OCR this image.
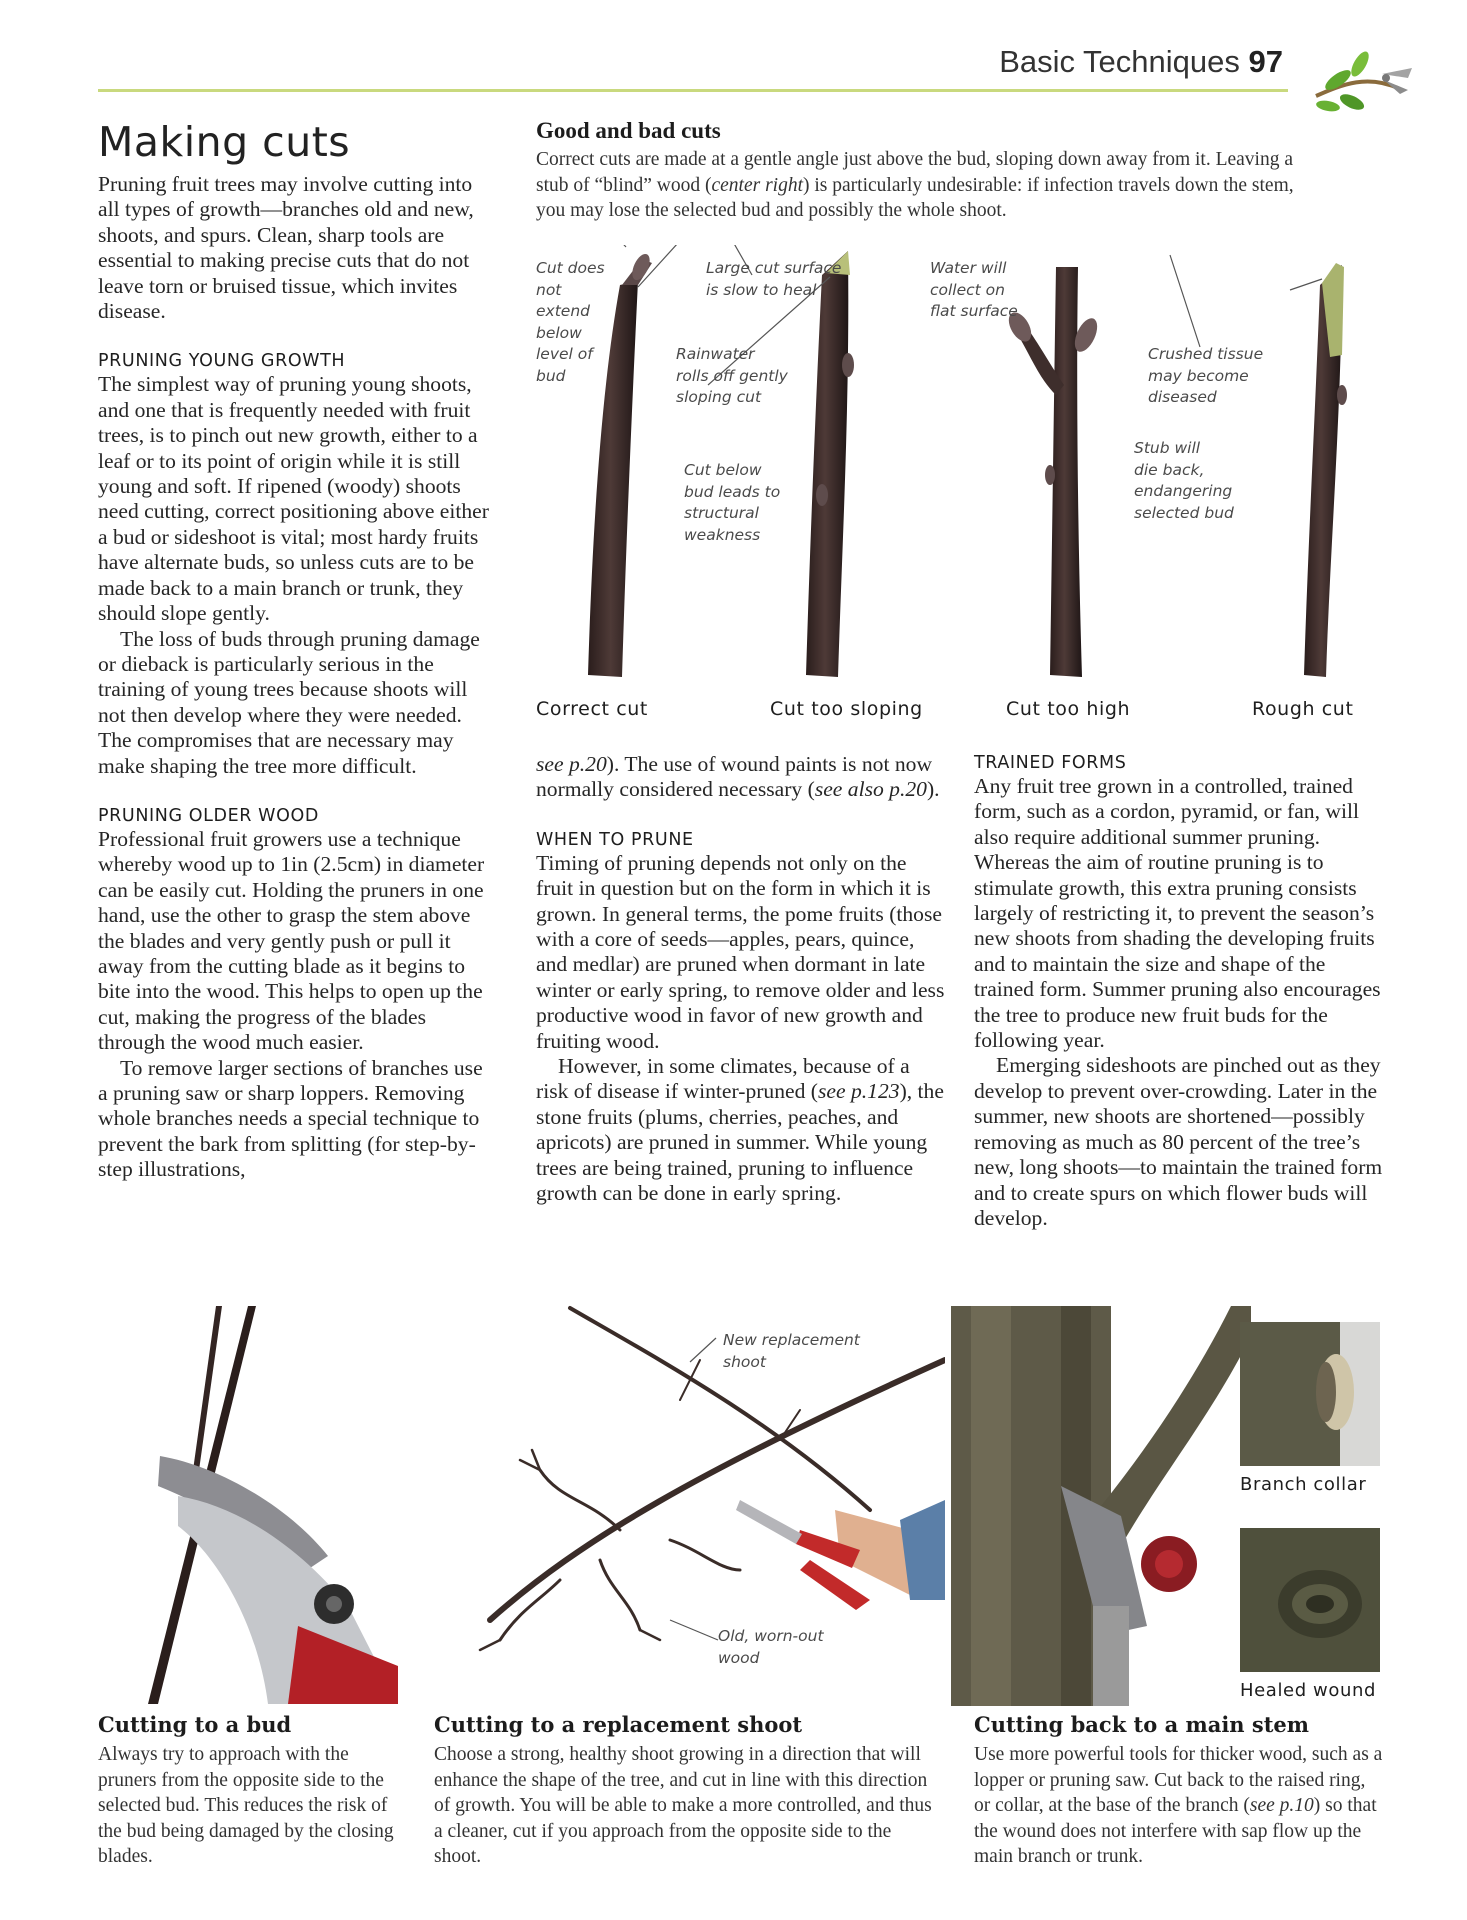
Basic Techniques 97
Making cuts

Pruning fruit trees may involve cutting into all types of growth—branches old and new, shoots, and spurs. Clean, sharp tools are essential to making precise cuts that do not leave torn or bruised tissue, which invites disease.

PRUNING YOUNG GROWTH

The simplest way of pruning young shoots, and one that is frequently needed with fruit trees, is to pinch out new growth, either to a leaf or to its point of origin while it is still young and soft. If ripened (woody) shoots need cutting, correct positioning above either a bud or sideshoot is vital; most hardy fruits have alternate buds, so unless cuts are to be made back to a main branch or trunk, they should slope gently.

The loss of buds through pruning damage or dieback is particularly serious in the training of young trees because shoots will not then develop where they were needed. The compromises that are necessary may make shaping the tree more difficult.

PRUNING OLDER WOOD

Professional fruit growers use a technique whereby wood up to 1in (2.5cm) in diameter can be easily cut. Holding the pruners in one hand, use the other to grasp the stem above the blades and very gently push or pull it away from the cutting blade as it begins to bite into the wood. This helps to open up the cut, making the progress of the blades through the wood much easier.

To remove larger sections of branches use a pruning saw or sharp loppers. Removing whole branches needs a special technique to prevent the bark from splitting (for step-by-step illustrations,

Good and bad cuts
Correct cuts are made at a gentle angle just above the bud, sloping down away from it. Leaving a stub of “blind” wood (center right) is particularly undesirable: if infection travels down the stem, you may lose the selected bud and possibly the whole shoot.
Cut does
not
extend
below
level of
bud
Large cut surface
is slow to heal
Rainwater
rolls off gently
sloping cut
Cut below
bud leads to
structural
weakness
Water will
collect on
flat surface
Crushed tissue
may become
diseased
Stub will
die back,
endangering
selected bud
Correct cut	Cut too sloping	Cut too high	Rough cut

see p.20). The use of wound paints is not now normally considered necessary (see also p.20).

WHEN TO PRUNE

Timing of pruning depends not only on the fruit in question but on the form in which it is grown. In general terms, the pome fruits (those with a core of seeds—apples, pears, quince, and medlar) are pruned when dormant in late winter or early spring, to remove older and less productive wood in favor of new growth and fruiting wood.

However, in some climates, because of a risk of disease if winter-pruned (see p.123), the stone fruits (plums, cherries, peaches, and apricots) are pruned in summer. While young trees are being trained, pruning to influence growth can be done in early spring.

TRAINED FORMS

Any fruit tree grown in a controlled, trained form, such as a cordon, pyramid, or fan, will also require additional summer pruning. Whereas the aim of routine pruning is to stimulate growth, this extra pruning consists largely of restricting it, to prevent the season’s new shoots from shading the developing fruits and to maintain the size and shape of the trained form. Summer pruning also encourages the tree to produce new fruit buds for the following year.

Emerging sideshoots are pinched out as they develop to prevent over-crowding. Later in the summer, new shoots are shortened—possibly removing as much as 80 percent of the tree’s new, long shoots—to maintain the trained form and to create spurs on which flower buds will develop.

New replacement
shoot
Old, worn-out
wood
Branch collar
Healed wound
Cutting to a bud
Always try to approach with the pruners from the opposite side to the selected bud. This reduces the risk of the bud being damaged by the closing blades.
Cutting to a replacement shoot
Choose a strong, healthy shoot growing in a direction that will enhance the shape of the tree, and cut in line with this direction of growth. You will be able to make a more controlled, and thus a cleaner, cut if you approach from the opposite side to the shoot.
Cutting back to a main stem
Use more powerful tools for thicker wood, such as a lopper or pruning saw. Cut back to the raised ring, or collar, at the base of the branch (see p.10) so that the wound does not interfere with sap flow up the main branch or trunk.
